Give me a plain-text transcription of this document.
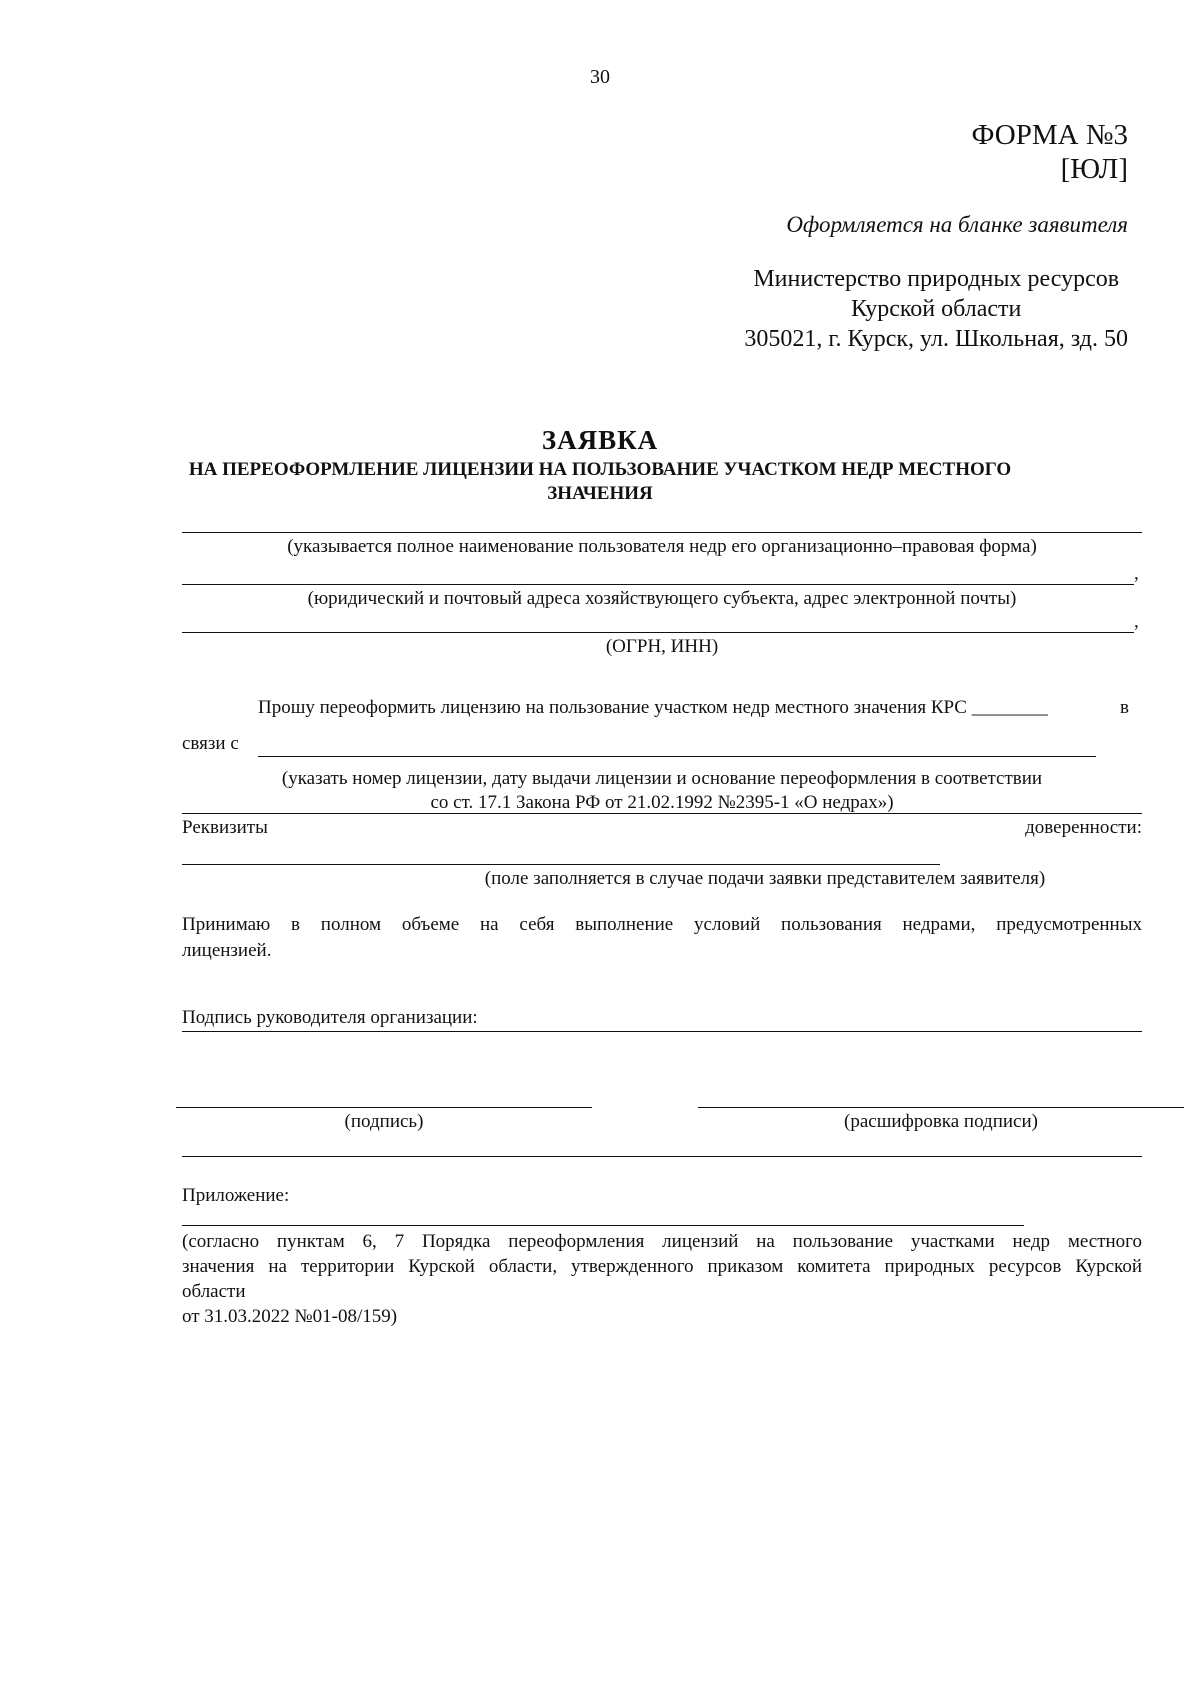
30
ФОРМА №3
[ЮЛ]
Оформляется на бланке заявителя
Министерство природных ресурсов
Курской области
305021, г. Курск, ул. Школьная, зд. 50
ЗАЯВКА
НА ПЕРЕОФОРМЛЕНИЕ ЛИЦЕНЗИИ НА ПОЛЬЗОВАНИЕ УЧАСТКОМ НЕДР МЕСТНОГО
ЗНАЧЕНИЯ
(указывается полное наименование пользователя недр его организационно–правовая форма)
,
(юридический и почтовый адреса хозяйствующего субъекта, адрес электронной почты)
,
(ОГРН, ИНН)
Прошу переоформить лицензию на пользование участком недр местного значения КРС ________	в
связи с
(указать номер лицензии, дату выдачи лицензии и основание переоформления в соответствии
со ст. 17.1 Закона РФ от 21.02.1992 №2395-1 «О недрах»)
Реквизиты	доверенности:
(поле заполняется в случае подачи заявки представителем заявителя)
Принимаю в полном объеме на себя выполнение условий пользования недрами, предусмотренных
лицензией.
Подпись руководителя организации:
(подпись)	(расшифровка подписи)
Приложение:
(согласно пунктам 6, 7 Порядка переоформления лицензий на пользование участками недр местного
значения на территории Курской области, утвержденного приказом комитета природных ресурсов Курской
области
от 31.03.2022 №01-08/159)
